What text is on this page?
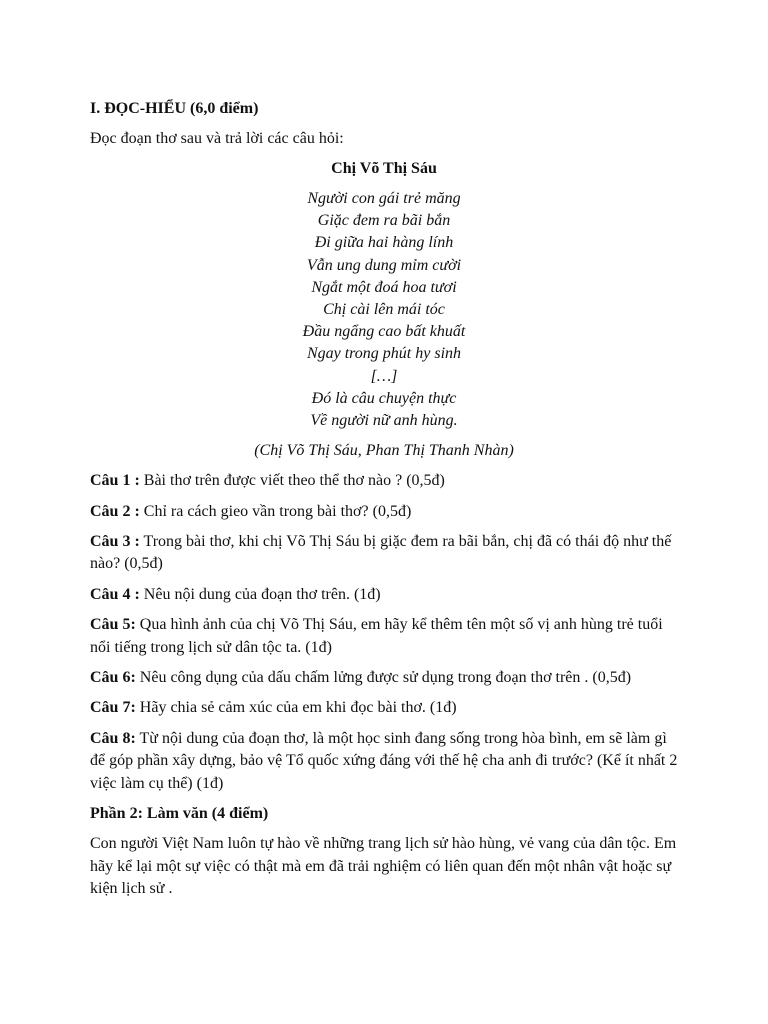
I. ĐỌC-HIỂU (6,0 điểm)
Đọc đoạn thơ sau và trả lời các câu hỏi:
Chị Võ Thị Sáu
Người con gái trẻ măng
Giặc đem ra bãi bắn
Đi giữa hai hàng lính
Vẫn ung dung mỉm cười
Ngắt một đoá hoa tươi
Chị cài lên mái tóc
Đầu ngẩng cao bất khuất
Ngay trong phút hy sinh
[…]
Đó là câu chuyện thực
Về người nữ anh hùng.
(Chị Võ Thị Sáu, Phan Thị Thanh Nhàn)
Câu 1 : Bài thơ trên được viết theo thể thơ nào ? (0,5đ)
Câu 2 : Chỉ ra cách gieo vần trong bài thơ? (0,5đ)
Câu 3 : Trong bài thơ, khi chị Võ Thị Sáu bị giặc đem ra bãi bắn, chị đã có thái độ như thế nào? (0,5đ)
Câu 4 : Nêu nội dung của đoạn thơ trên. (1đ)
Câu 5: Qua hình ảnh của chị Võ Thị Sáu, em hãy kể thêm tên một số vị anh hùng trẻ tuổi nổi tiếng trong lịch sử dân tộc ta. (1đ)
Câu 6: Nêu công dụng của dấu chấm lửng được sử dụng trong đoạn thơ trên . (0,5đ)
Câu 7: Hãy chia sẻ cảm xúc của em khi đọc bài thơ. (1đ)
Câu 8: Từ nội dung của đoạn thơ, là một học sinh đang sống trong hòa bình, em sẽ làm gì để góp phần xây dựng, bảo vệ Tổ quốc xứng đáng với thế hệ cha anh đi trước? (Kể ít nhất 2 việc làm cụ thể) (1đ)
Phần 2: Làm văn (4 điểm)
Con người Việt Nam luôn tự hào về những trang lịch sử hào hùng, vẻ vang của dân tộc. Em hãy kể lại một sự việc có thật mà em đã trải nghiệm có liên quan đến một nhân vật hoặc sự kiện lịch sử .
